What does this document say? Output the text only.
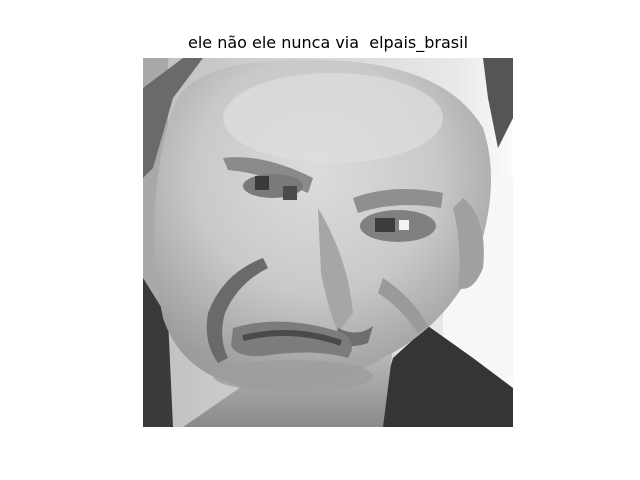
ele não ele nunca via  elpais_brasil
